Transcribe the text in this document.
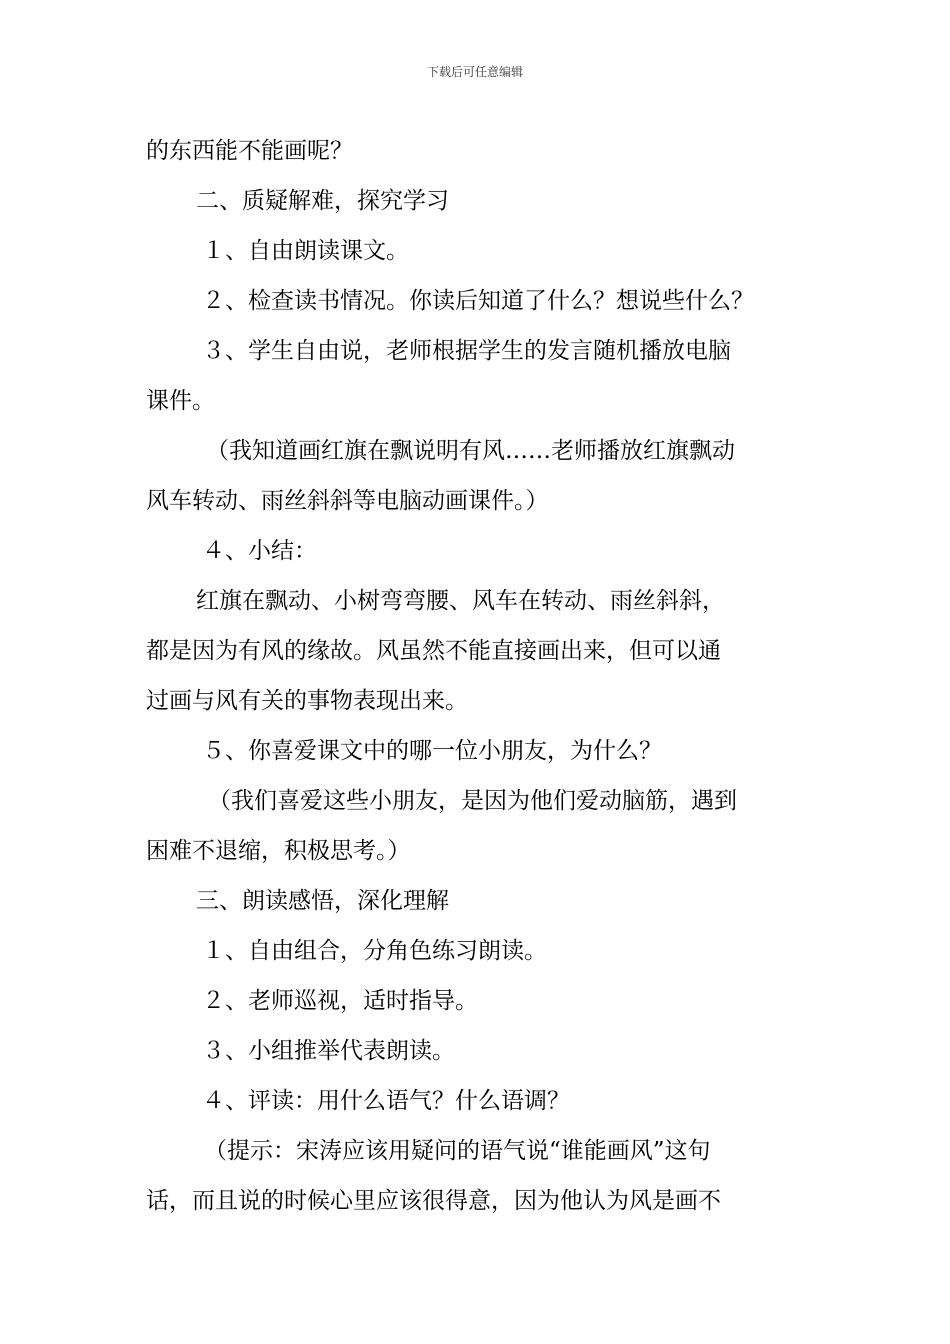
下载后可任意编辑

的东西能不能画呢？

二、质疑解难，探究学习

１、自由朗读课文。

２、检查读书情况。你读后知道了什么？想说些什么？

３、学生自由说，老师根据学生的发言随机播放电脑

课件。

（我知道画红旗在飘说明有风……老师播放红旗飘动

风车转动、雨丝斜斜等电脑动画课件。）

４、小结：

红旗在飘动、小树弯弯腰、风车在转动、雨丝斜斜，

都是因为有风的缘故。风虽然不能直接画出来，但可以通

过画与风有关的事物表现出来。

５、你喜爱课文中的哪一位小朋友，为什么？

（我们喜爱这些小朋友，是因为他们爱动脑筋，遇到

困难不退缩，积极思考。）

三、朗读感悟，深化理解

１、自由组合，分角色练习朗读。

２、老师巡视，适时指导。

３、小组推举代表朗读。

４、评读：用什么语气？什么语调？

（提示：宋涛应该用疑问的语气说“谁能画风”这句

话，而且说的时候心里应该很得意，因为他认为风是画不
